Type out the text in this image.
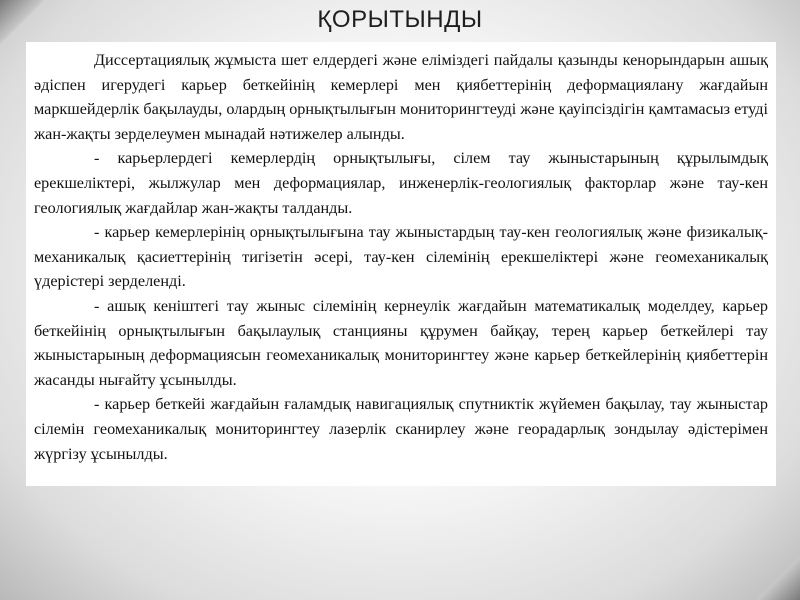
ҚОРЫТЫНДЫ

Диссертациялық жұмыста шет елдердегі және еліміздегі пайдалы қазынды кенорындарын ашық әдіспен игерудегі карьер беткейінің кемерлері мен қиябеттерінің деформациялану жағдайын маркшейдерлік бақылауды, олардың орнықтылығын мониторингтеуді және қауіпсіздігін қамтамасыз етуді жан-жақты зерделеумен мынадай нәтижелер алынды.

- карьерлердегі кемерлердің орнықтылығы, сілем тау жыныстарының құрылымдық ерекшеліктері, жылжулар мен деформациялар, инженерлік-геологиялық факторлар және тау-кен геологиялық жағдайлар жан-жақты талданды.

- карьер кемерлерінің орнықтылығына тау жыныстардың тау-кен геологиялық және физикалық-механикалық қасиеттерінің тигізетін әсері, тау-кен сілемінің ерекшеліктері және геомеханикалық үдерістері зерделенді.

- ашық кеніштегі тау жыныс сілемінің кернеулік жағдайын математикалық моделдеу, карьер беткейінің орнықтылығын бақылаулық станцияны құрумен байқау, терең карьер беткейлері тау жыныстарының деформациясын геомеханикалық мониторингтеу және карьер беткейлерінің қиябеттерін жасанды нығайту ұсынылды.

- карьер беткейі жағдайын ғаламдық навигациялық спутниктік жүйемен бақылау, тау жыныстар сілемін геомеханикалық мониторингтеу лазерлік сканирлеу және георадарлық зондылау әдістерімен жүргізу ұсынылды.
